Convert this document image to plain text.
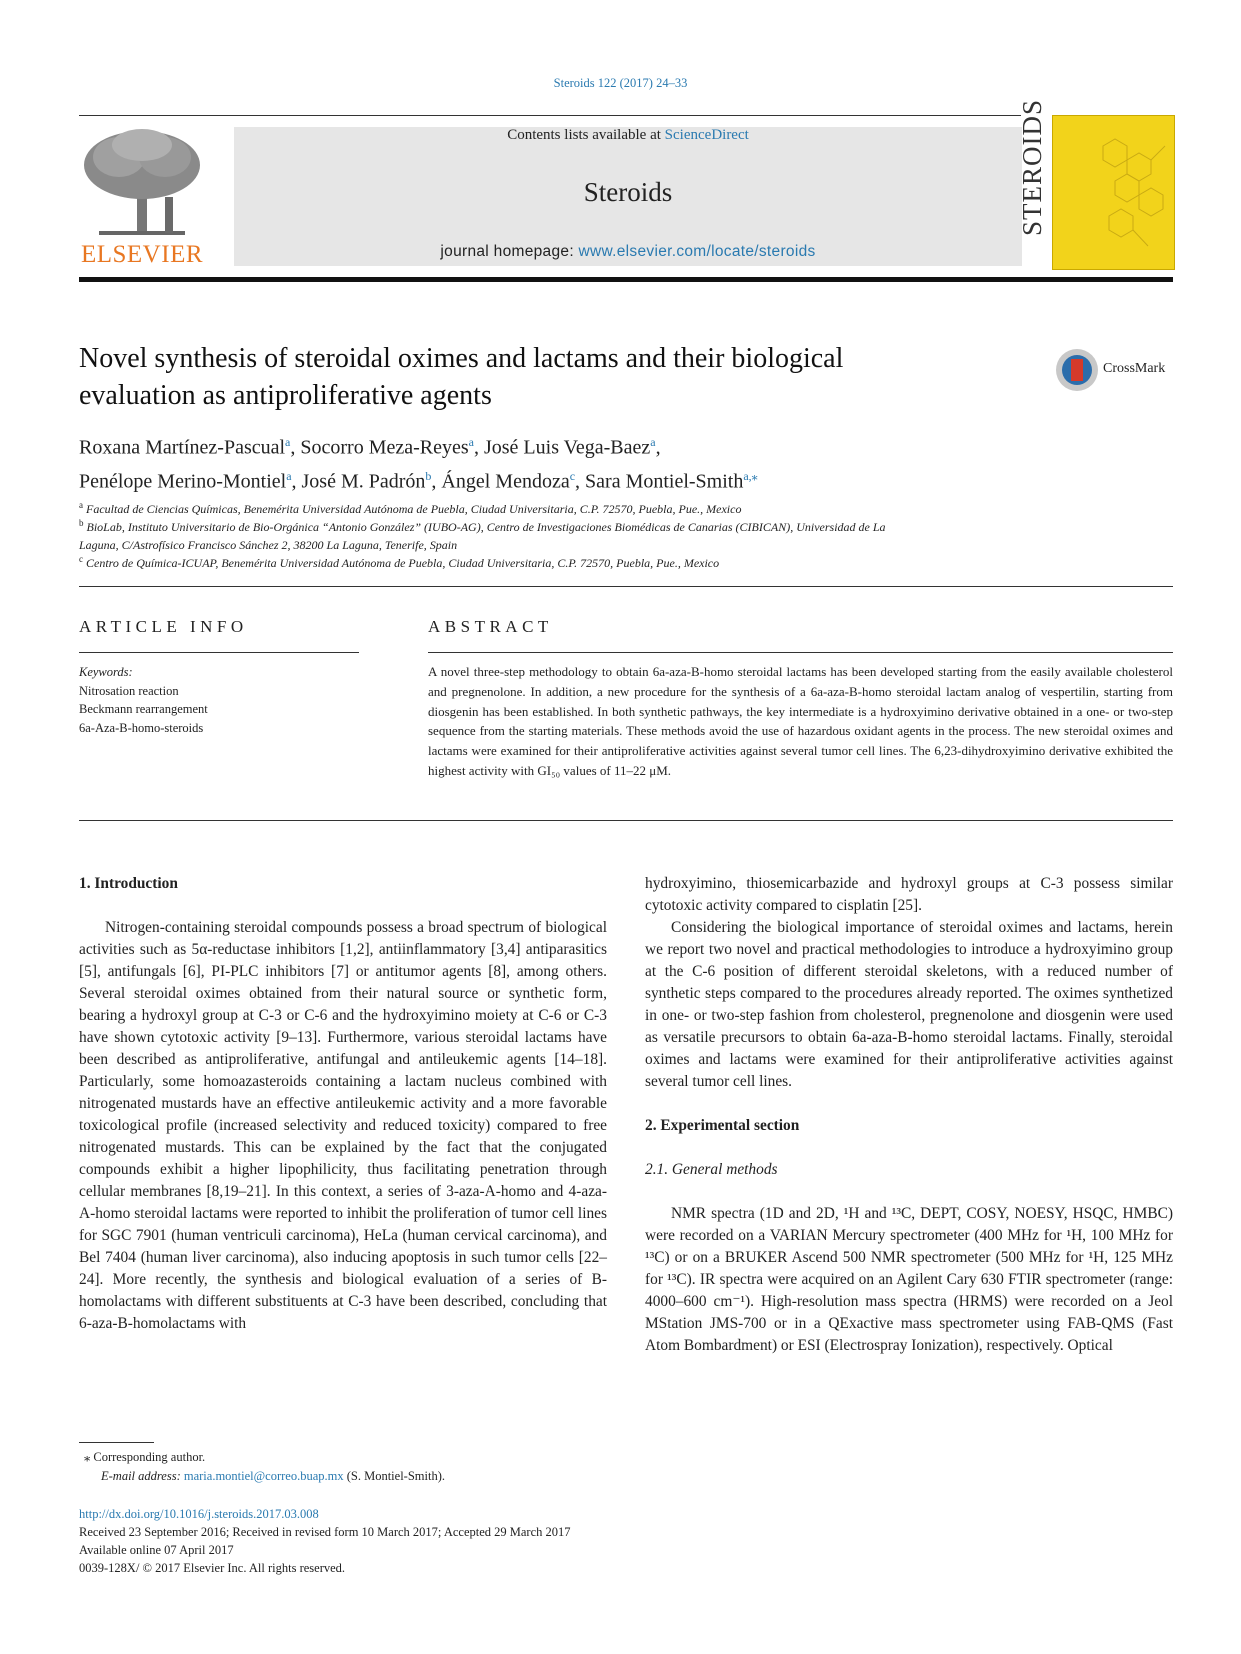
Steroids 122 (2017) 24–33
ELSEVIER
Contents lists available at ScienceDirect
Steroids
journal homepage: www.elsevier.com/locate/steroids
STEROIDS
Novel synthesis of steroidal oximes and lactams and their biological
evaluation as antiproliferative agents
CrossMark
Roxana Martínez-Pascual$^a$, Socorro Meza-Reyes$^a$, José Luis Vega-Baez$^a$,
Penélope Merino-Montiel$^a$, José M. Padrón$^b$, Ángel Mendoza$^c$, Sara Montiel-Smith$^{a,⁎}$
$^a$ Facultad de Ciencias Químicas, Benemérita Universidad Autónoma de Puebla, Ciudad Universitaria, C.P. 72570, Puebla, Pue., Mexico
$^b$ BioLab, Instituto Universitario de Bio-Orgánica “Antonio González” (IUBO-AG), Centro de Investigaciones Biomédicas de Canarias (CIBICAN), Universidad de La
Laguna, C/Astrofísico Francisco Sánchez 2, 38200 La Laguna, Tenerife, Spain
$^c$ Centro de Química-ICUAP, Benemérita Universidad Autónoma de Puebla, Ciudad Universitaria, C.P. 72570, Puebla, Pue., Mexico
ARTICLE INFO
Keywords:
Nitrosation reaction
Beckmann rearrangement
6a-Aza-B-homo-steroids
ABSTRACT
A novel three-step methodology to obtain 6a-aza-B-homo steroidal lactams has been developed starting from the easily available cholesterol and pregnenolone. In addition, a new procedure for the synthesis of a 6a-aza-B-homo steroidal lactam analog of vespertilin, starting from diosgenin has been established. In both synthetic pathways, the key intermediate is a hydroxyimino derivative obtained in a one- or two-step sequence from the starting materials. These methods avoid the use of hazardous oxidant agents in the process. The new steroidal oximes and lactams were examined for their antiproliferative activities against several tumor cell lines. The 6,23-dihydroxyimino derivative exhibited the highest activity with GI₅₀ values of 11–22 μM.
1. Introduction

Nitrogen-containing steroidal compounds possess a broad spectrum of biological activities such as 5α-reductase inhibitors [1,2], antiinflammatory [3,4] antiparasitics [5], antifungals [6], PI-PLC inhibitors [7] or antitumor agents [8], among others. Several steroidal oximes obtained from their natural source or synthetic form, bearing a hydroxyl group at C-3 or C-6 and the hydroxyimino moiety at C-6 or C-3 have shown cytotoxic activity [9–13]. Furthermore, various steroidal lactams have been described as antiproliferative, antifungal and antileukemic agents [14–18]. Particularly, some homoazasteroids containing a lactam nucleus combined with nitrogenated mustards have an effective antileukemic activity and a more favorable toxicological profile (increased selectivity and reduced toxicity) compared to free nitrogenated mustards. This can be explained by the fact that the conjugated compounds exhibit a higher lipophilicity, thus facilitating penetration through cellular membranes [8,19–21]. In this context, a series of 3-aza-A-homo and 4-aza-A-homo steroidal lactams were reported to inhibit the proliferation of tumor cell lines for SGC 7901 (human ventriculi carcinoma), HeLa (human cervical carcinoma), and Bel 7404 (human liver carcinoma), also inducing apoptosis in such tumor cells [22–24]. More recently, the synthesis and biological evaluation of a series of B-homolactams with different substituents at C-3 have been described, concluding that 6-aza-B-homolactams with

hydroxyimino, thiosemicarbazide and hydroxyl groups at C-3 possess similar cytotoxic activity compared to cisplatin [25].

Considering the biological importance of steroidal oximes and lactams, herein we report two novel and practical methodologies to introduce a hydroxyimino group at the C-6 position of different steroidal skeletons, with a reduced number of synthetic steps compared to the procedures already reported. The oximes synthetized in one- or two-step fashion from cholesterol, pregnenolone and diosgenin were used as versatile precursors to obtain 6a-aza-B-homo steroidal lactams. Finally, steroidal oximes and lactams were examined for their antiproliferative activities against several tumor cell lines.

2. Experimental section
2.1. General methods

NMR spectra (1D and 2D, ¹H and ¹³C, DEPT, COSY, NOESY, HSQC, HMBC) were recorded on a VARIAN Mercury spectrometer (400 MHz for ¹H, 100 MHz for ¹³C) or on a BRUKER Ascend 500 NMR spectrometer (500 MHz for ¹H, 125 MHz for ¹³C). IR spectra were acquired on an Agilent Cary 630 FTIR spectrometer (range: 4000–600 cm⁻¹). High-resolution mass spectra (HRMS) were recorded on a Jeol MStation JMS-700 or in a QExactive mass spectrometer using FAB-QMS (Fast Atom Bombardment) or ESI (Electrospray Ionization), respectively. Optical

⁎ Corresponding author.
E-mail address: maria.montiel@correo.buap.mx (S. Montiel-Smith).
http://dx.doi.org/10.1016/j.steroids.2017.03.008
Received 23 September 2016; Received in revised form 10 March 2017; Accepted 29 March 2017
Available online 07 April 2017
0039-128X/ © 2017 Elsevier Inc. All rights reserved.
